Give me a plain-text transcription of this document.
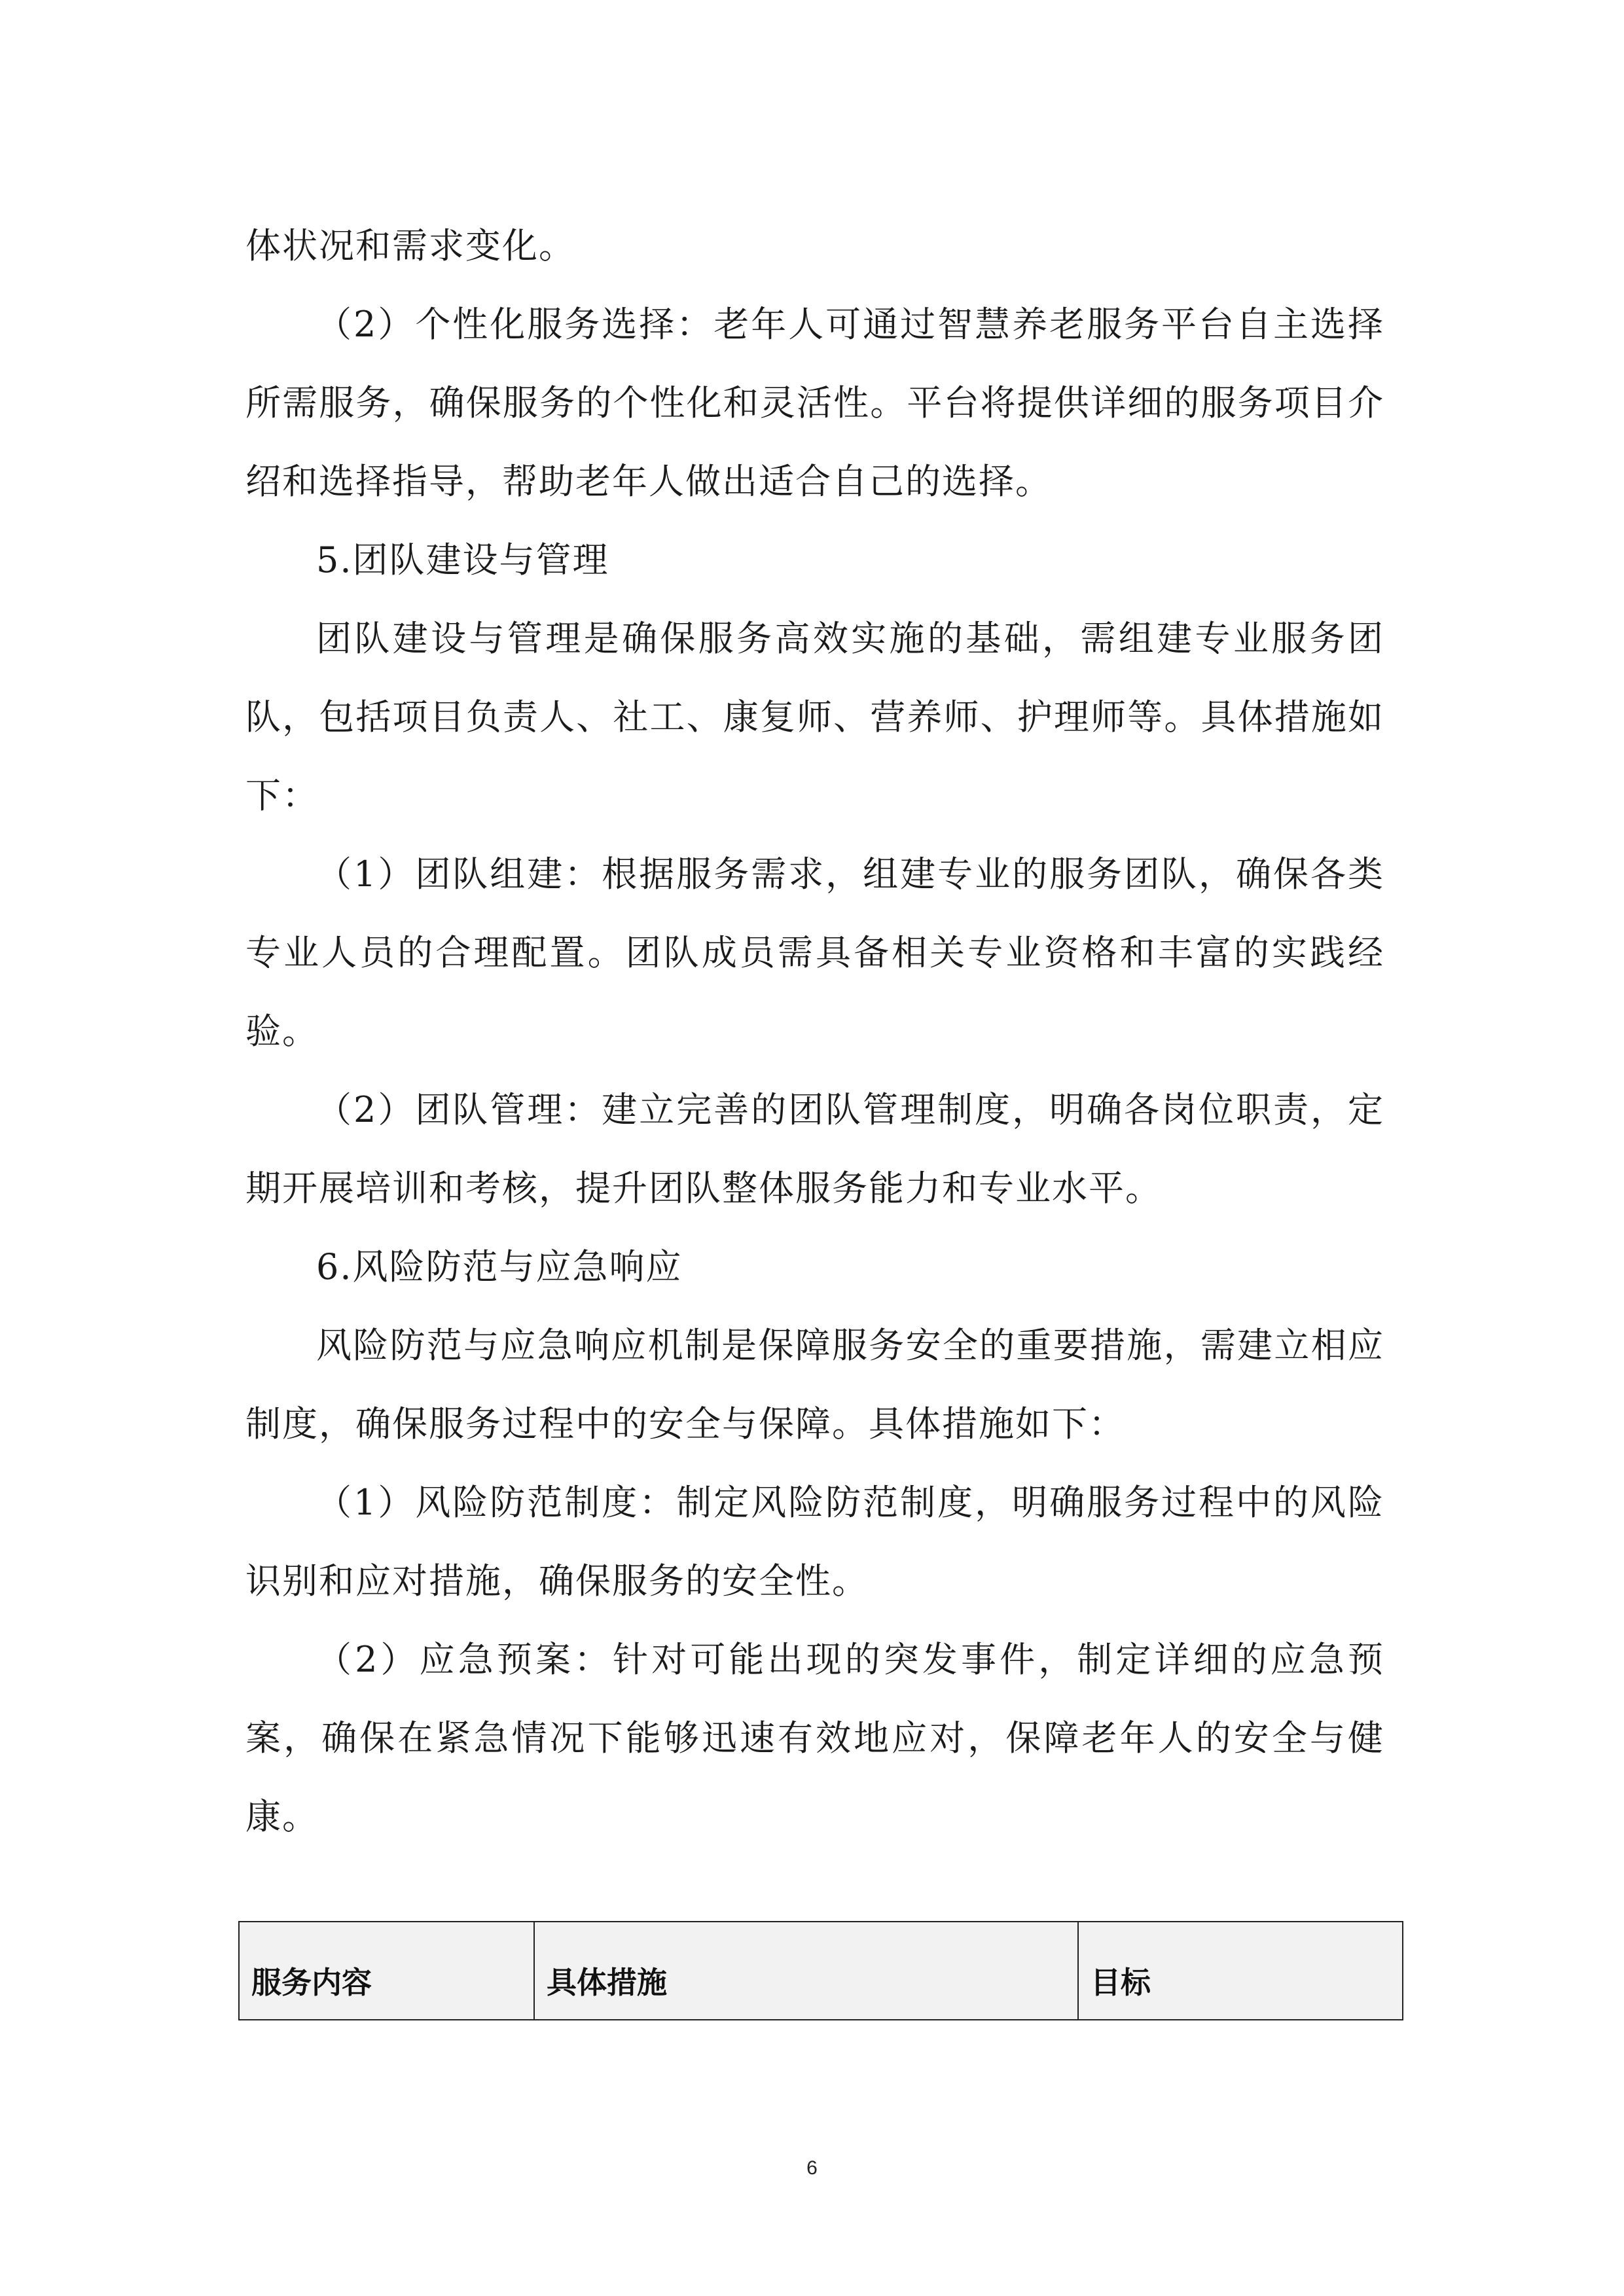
体状况和需求变化。

（2）个性化服务选择：老年人可通过智慧养老服务平台自主选择所需服务，确保服务的个性化和灵活性。平台将提供详细的服务项目介绍和选择指导，帮助老年人做出适合自己的选择。

5.团队建设与管理

团队建设与管理是确保服务高效实施的基础，需组建专业服务团队，包括项目负责人、社工、康复师、营养师、护理师等。具体措施如下：

（1）团队组建：根据服务需求，组建专业的服务团队，确保各类专业人员的合理配置。团队成员需具备相关专业资格和丰富的实践经验。

（2）团队管理：建立完善的团队管理制度，明确各岗位职责，定期开展培训和考核，提升团队整体服务能力和专业水平。

6.风险防范与应急响应

风险防范与应急响应机制是保障服务安全的重要措施，需建立相应制度，确保服务过程中的安全与保障。具体措施如下：

（1）风险防范制度：制定风险防范制度，明确服务过程中的风险识别和应对措施，确保服务的安全性。

（2）应急预案：针对可能出现的突发事件，制定详细的应急预案，确保在紧急情况下能够迅速有效地应对，保障老年人的安全与健康。

服务内容	具体措施	目标
6
